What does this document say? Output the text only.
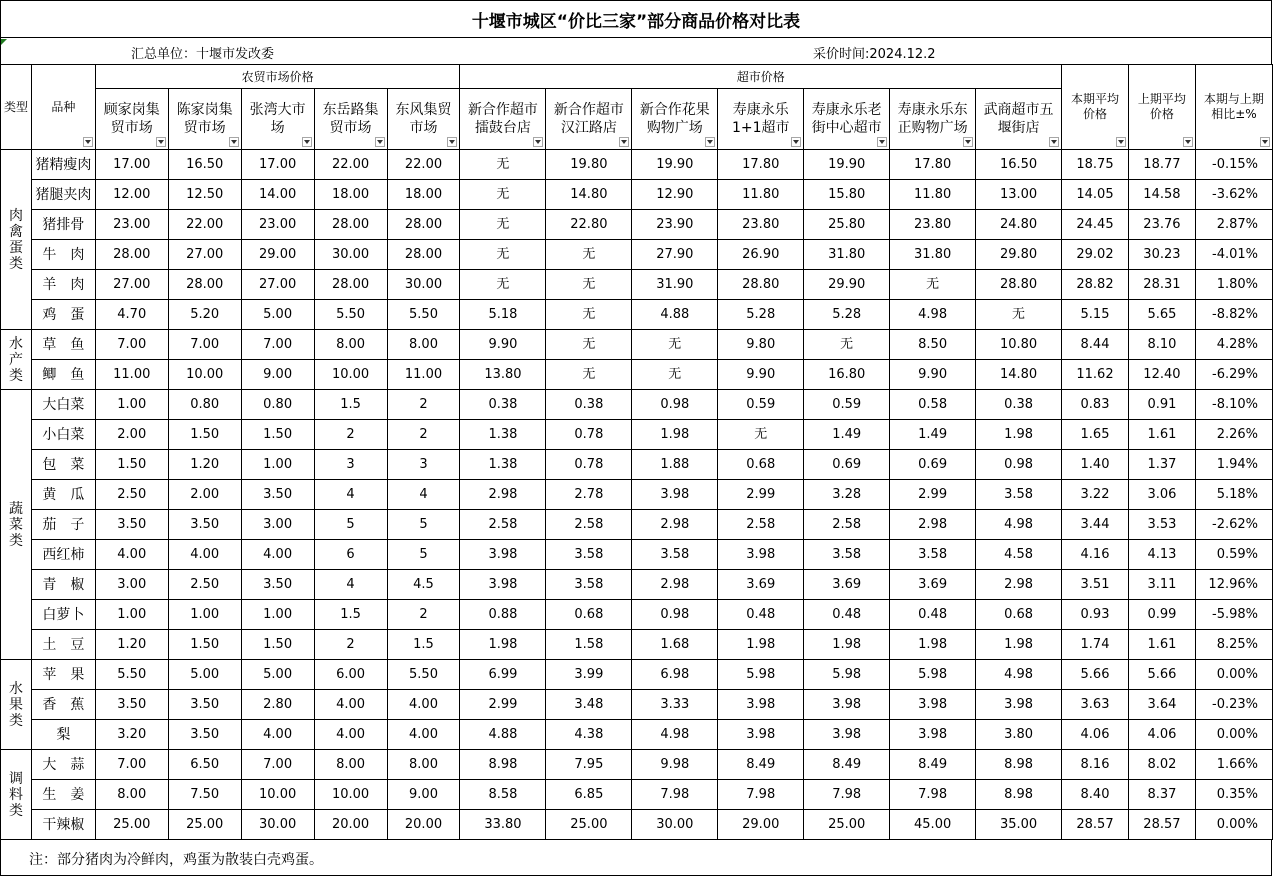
十堰市城区“价比三家”部分商品价格对比表
汇总单位：十堰市发改委	采价时间:2024.12.2
类型	品种	农贸市场价格					超市价格							本期平均价格	上期平均价格	本期与上期相比±%

		顾家岗集贸市场	陈家岗集贸市场	张湾大市场	东岳路集贸市场	东风集贸市场	新合作超市擂鼓台店	新合作超市汉江路店	新合作花果购物广场	寿康永乐1+1超市	寿康永乐老街中心超市	寿康永乐东正购物广场	武商超市五堰街店			

肉禽蛋类	猪精瘦肉	17.00	16.50	17.00	22.00	22.00	无	19.80	19.90	17.80	19.90	17.80	16.50	18.75	18.77	-0.15%
	猪腿夹肉	12.00	12.50	14.00	18.00	18.00	无	14.80	12.90	11.80	15.80	11.80	13.00	14.05	14.58	-3.62%
	猪排骨	23.00	22.00	23.00	28.00	28.00	无	22.80	23.90	23.80	25.80	23.80	24.80	24.45	23.76	2.87%
	牛　肉	28.00	27.00	29.00	30.00	28.00	无	无	27.90	26.90	31.80	31.80	29.80	29.02	30.23	-4.01%
	羊　肉	27.00	28.00	27.00	28.00	30.00	无	无	31.90	28.80	29.90	无	28.80	28.82	28.31	1.80%
	鸡　蛋	4.70	5.20	5.00	5.50	5.50	5.18	无	4.88	5.28	5.28	4.98	无	5.15	5.65	-8.82%
水产类	草　鱼	7.00	7.00	7.00	8.00	8.00	9.90	无	无	9.80	无	8.50	10.80	8.44	8.10	4.28%
	鲫　鱼	11.00	10.00	9.00	10.00	11.00	13.80	无	无	9.90	16.80	9.90	14.80	11.62	12.40	-6.29%
蔬菜类	大白菜	1.00	0.80	0.80	1.5	2	0.38	0.38	0.98	0.59	0.59	0.58	0.38	0.83	0.91	-8.10%
	小白菜	2.00	1.50	1.50	2	2	1.38	0.78	1.98	无	1.49	1.49	1.98	1.65	1.61	2.26%
	包　菜	1.50	1.20	1.00	3	3	1.38	0.78	1.88	0.68	0.69	0.69	0.98	1.40	1.37	1.94%
	黄　瓜	2.50	2.00	3.50	4	4	2.98	2.78	3.98	2.99	3.28	2.99	3.58	3.22	3.06	5.18%
	茄　子	3.50	3.50	3.00	5	5	2.58	2.58	2.98	2.58	2.58	2.98	4.98	3.44	3.53	-2.62%
	西红柿	4.00	4.00	4.00	6	5	3.98	3.58	3.58	3.98	3.58	3.58	4.58	4.16	4.13	0.59%
	青　椒	3.00	2.50	3.50	4	4.5	3.98	3.58	2.98	3.69	3.69	3.69	2.98	3.51	3.11	12.96%
	白萝卜	1.00	1.00	1.00	1.5	2	0.88	0.68	0.98	0.48	0.48	0.48	0.68	0.93	0.99	-5.98%
	土　豆	1.20	1.50	1.50	2	1.5	1.98	1.58	1.68	1.98	1.98	1.98	1.98	1.74	1.61	8.25%
水果类	苹　果	5.50	5.00	5.00	6.00	5.50	6.99	3.99	6.98	5.98	5.98	5.98	4.98	5.66	5.66	0.00%
	香　蕉	3.50	3.50	2.80	4.00	4.00	2.99	3.48	3.33	3.98	3.98	3.98	3.98	3.63	3.64	-0.23%
	梨	3.20	3.50	4.00	4.00	4.00	4.88	4.38	4.98	3.98	3.98	3.98	3.80	4.06	4.06	0.00%
调料类	大　蒜	7.00	6.50	7.00	8.00	8.00	8.98	7.95	9.98	8.49	8.49	8.49	8.98	8.16	8.02	1.66%
	生　姜	8.00	7.50	10.00	10.00	9.00	8.58	6.85	7.98	7.98	7.98	7.98	8.98	8.40	8.37	0.35%
	干辣椒	25.00	25.00	30.00	20.00	20.00	33.80	25.00	30.00	29.00	25.00	45.00	35.00	28.57	28.57	0.00%
注：部分猪肉为冷鲜肉，鸡蛋为散装白壳鸡蛋。
